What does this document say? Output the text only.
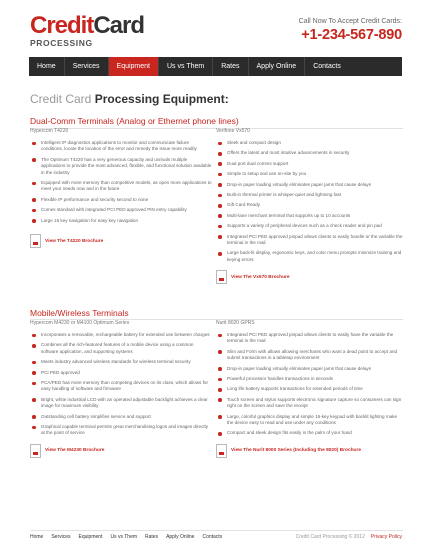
CreditCard
PROCESSING
Call Now To Accept Credit Cards:
+1-234-567-890
Home	Services	Equipment	Us vs Them	Rates	Apply Online	Contacts
Credit Card Processing Equipment:
Dual-Comm Terminals (Analog or Ethernet phone lines)
Hypercom T4220
Intelligent IP diagnostics applications to monitor and communicate failure conditions, locate the location of the error and remedy the issue more readily
The Optimum T4220 has a very generous capacity and unrivals multiple applications to provide the most advanced, flexible, and functional solution available in the industry
Equipped with more memory than competitive models, as open more applications to meet your needs now and in the future
Flexible IP performance and security second to none
Comes standard with integrated PCI PED approved PIN entry capability
Large 16 key navigation for easy key navigation
View The T4220 Brochure
Verifone Vx570
Sleek and compact design
Offers the latest and most intuitive advancements in security
Dual port dual comms support
Simple to setup and use on-site by you
Drop-in paper loading virtually eliminates paper jams that cause delays
Built-in thermal printer is whisper-quiet and lightning fast
Gift Card Ready
Multi-lane merchant terminal that supports up to 10 accounts
Supports a variety of peripheral devices such as a check reader and pin pad
Integrated PCI PED approved pinpad allows clients to easily handle or the variable the terminal in the mail
Large back-lit display, ergonomic keys, and color menu prompts minimize training and keying errors
View The Vx570 Brochure
Mobile/Wireless Terminals
Hypercom M4230 or M4100 Optimum Series
Incorporates a removable, rechargeable battery for extended use between charges
Combines all the rich-featured features of a mobile device using a common software application, and supporting systems
Meets industry advanced wireless standards for wireless terminal security
PCI PED approved
PCA/PED has more memory than competing devices on its class, which allows for easy handling of software and firmware
Bright, white industrial LCD with an operated adjustable backlight achieves a clear image for maximum visibility
Outstanding cell battery simplifies service and support
Graphical capable terminal permits great merchandising logos and images directly at the point of service
View The M4230 Brochure
Nurit 8020 GPRS
Integrated PCI PED approved pinpad allows clients to easily have the variable the terminal in the mail
Slim and Form with allows allowing merchants who want a dead point to accept and submit transactions in a tabletop environment
Drop-in paper loading virtually eliminates paper jams that cause delays
Powerful processor handles transactions in seconds
Long life battery supports transactions for extended periods of time
Touch screen and stylus supports electronic signature capture so consumers can sign right on the screen and save the receipt
Large, colorful graphics display and simple 16-key keypad with backlit lighting make the device easy to read and use under any conditions
Compact and sleek design fits easily in the palm of your hand
View The Nurit 8000 Series (Including the 8020) Brochure
Home Services Equipment Us vs Them Rates Apply Online Contacts	Credit Card Processing © 2012 Privacy Policy
